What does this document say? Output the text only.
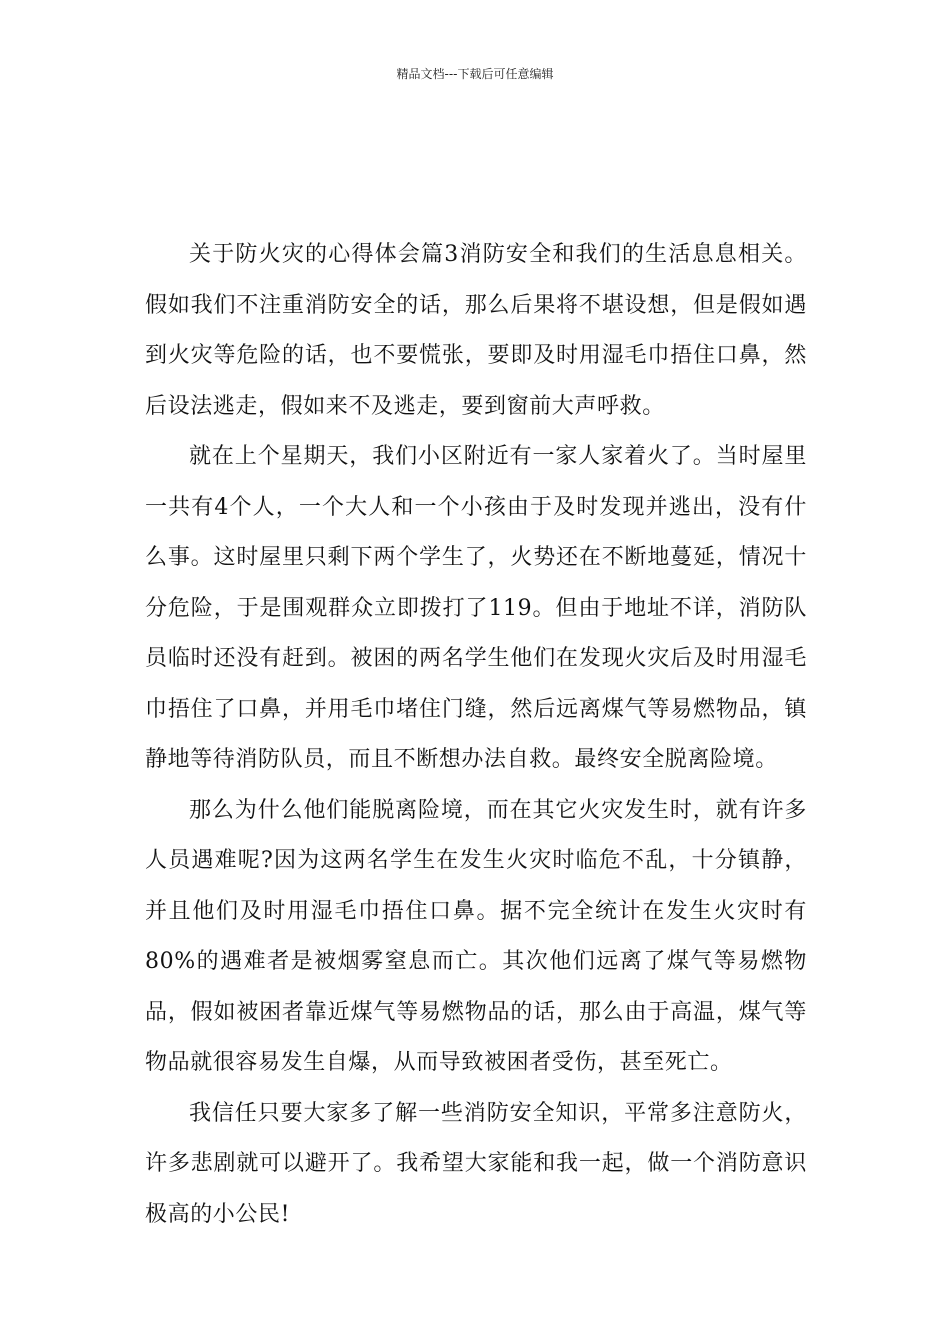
精品文档---下载后可任意编辑

关于防火灾的心得体会篇3消防安全和我们的生活息息相关。假如我们不注重消防安全的话，那么后果将不堪设想，但是假如遇到火灾等危险的话，也不要慌张，要即及时用湿毛巾捂住口鼻，然后设法逃走，假如来不及逃走，要到窗前大声呼救。

就在上个星期天，我们小区附近有一家人家着火了。当时屋里一共有4个人，一个大人和一个小孩由于及时发现并逃出，没有什么事。这时屋里只剩下两个学生了，火势还在不断地蔓延，情况十分危险，于是围观群众立即拨打了119。但由于地址不详，消防队员临时还没有赶到。被困的两名学生他们在发现火灾后及时用湿毛巾捂住了口鼻，并用毛巾堵住门缝，然后远离煤气等易燃物品，镇静地等待消防队员，而且不断想办法自救。最终安全脱离险境。

那么为什么他们能脱离险境，而在其它火灾发生时，就有许多人员遇难呢?因为这两名学生在发生火灾时临危不乱，十分镇静，并且他们及时用湿毛巾捂住口鼻。据不完全统计在发生火灾时有80%的遇难者是被烟雾窒息而亡。其次他们远离了煤气等易燃物品，假如被困者靠近煤气等易燃物品的话，那么由于高温，煤气等物品就很容易发生自爆，从而导致被困者受伤，甚至死亡。

我信任只要大家多了解一些消防安全知识，平常多注意防火，许多悲剧就可以避开了。我希望大家能和我一起，做一个消防意识极高的小公民!
